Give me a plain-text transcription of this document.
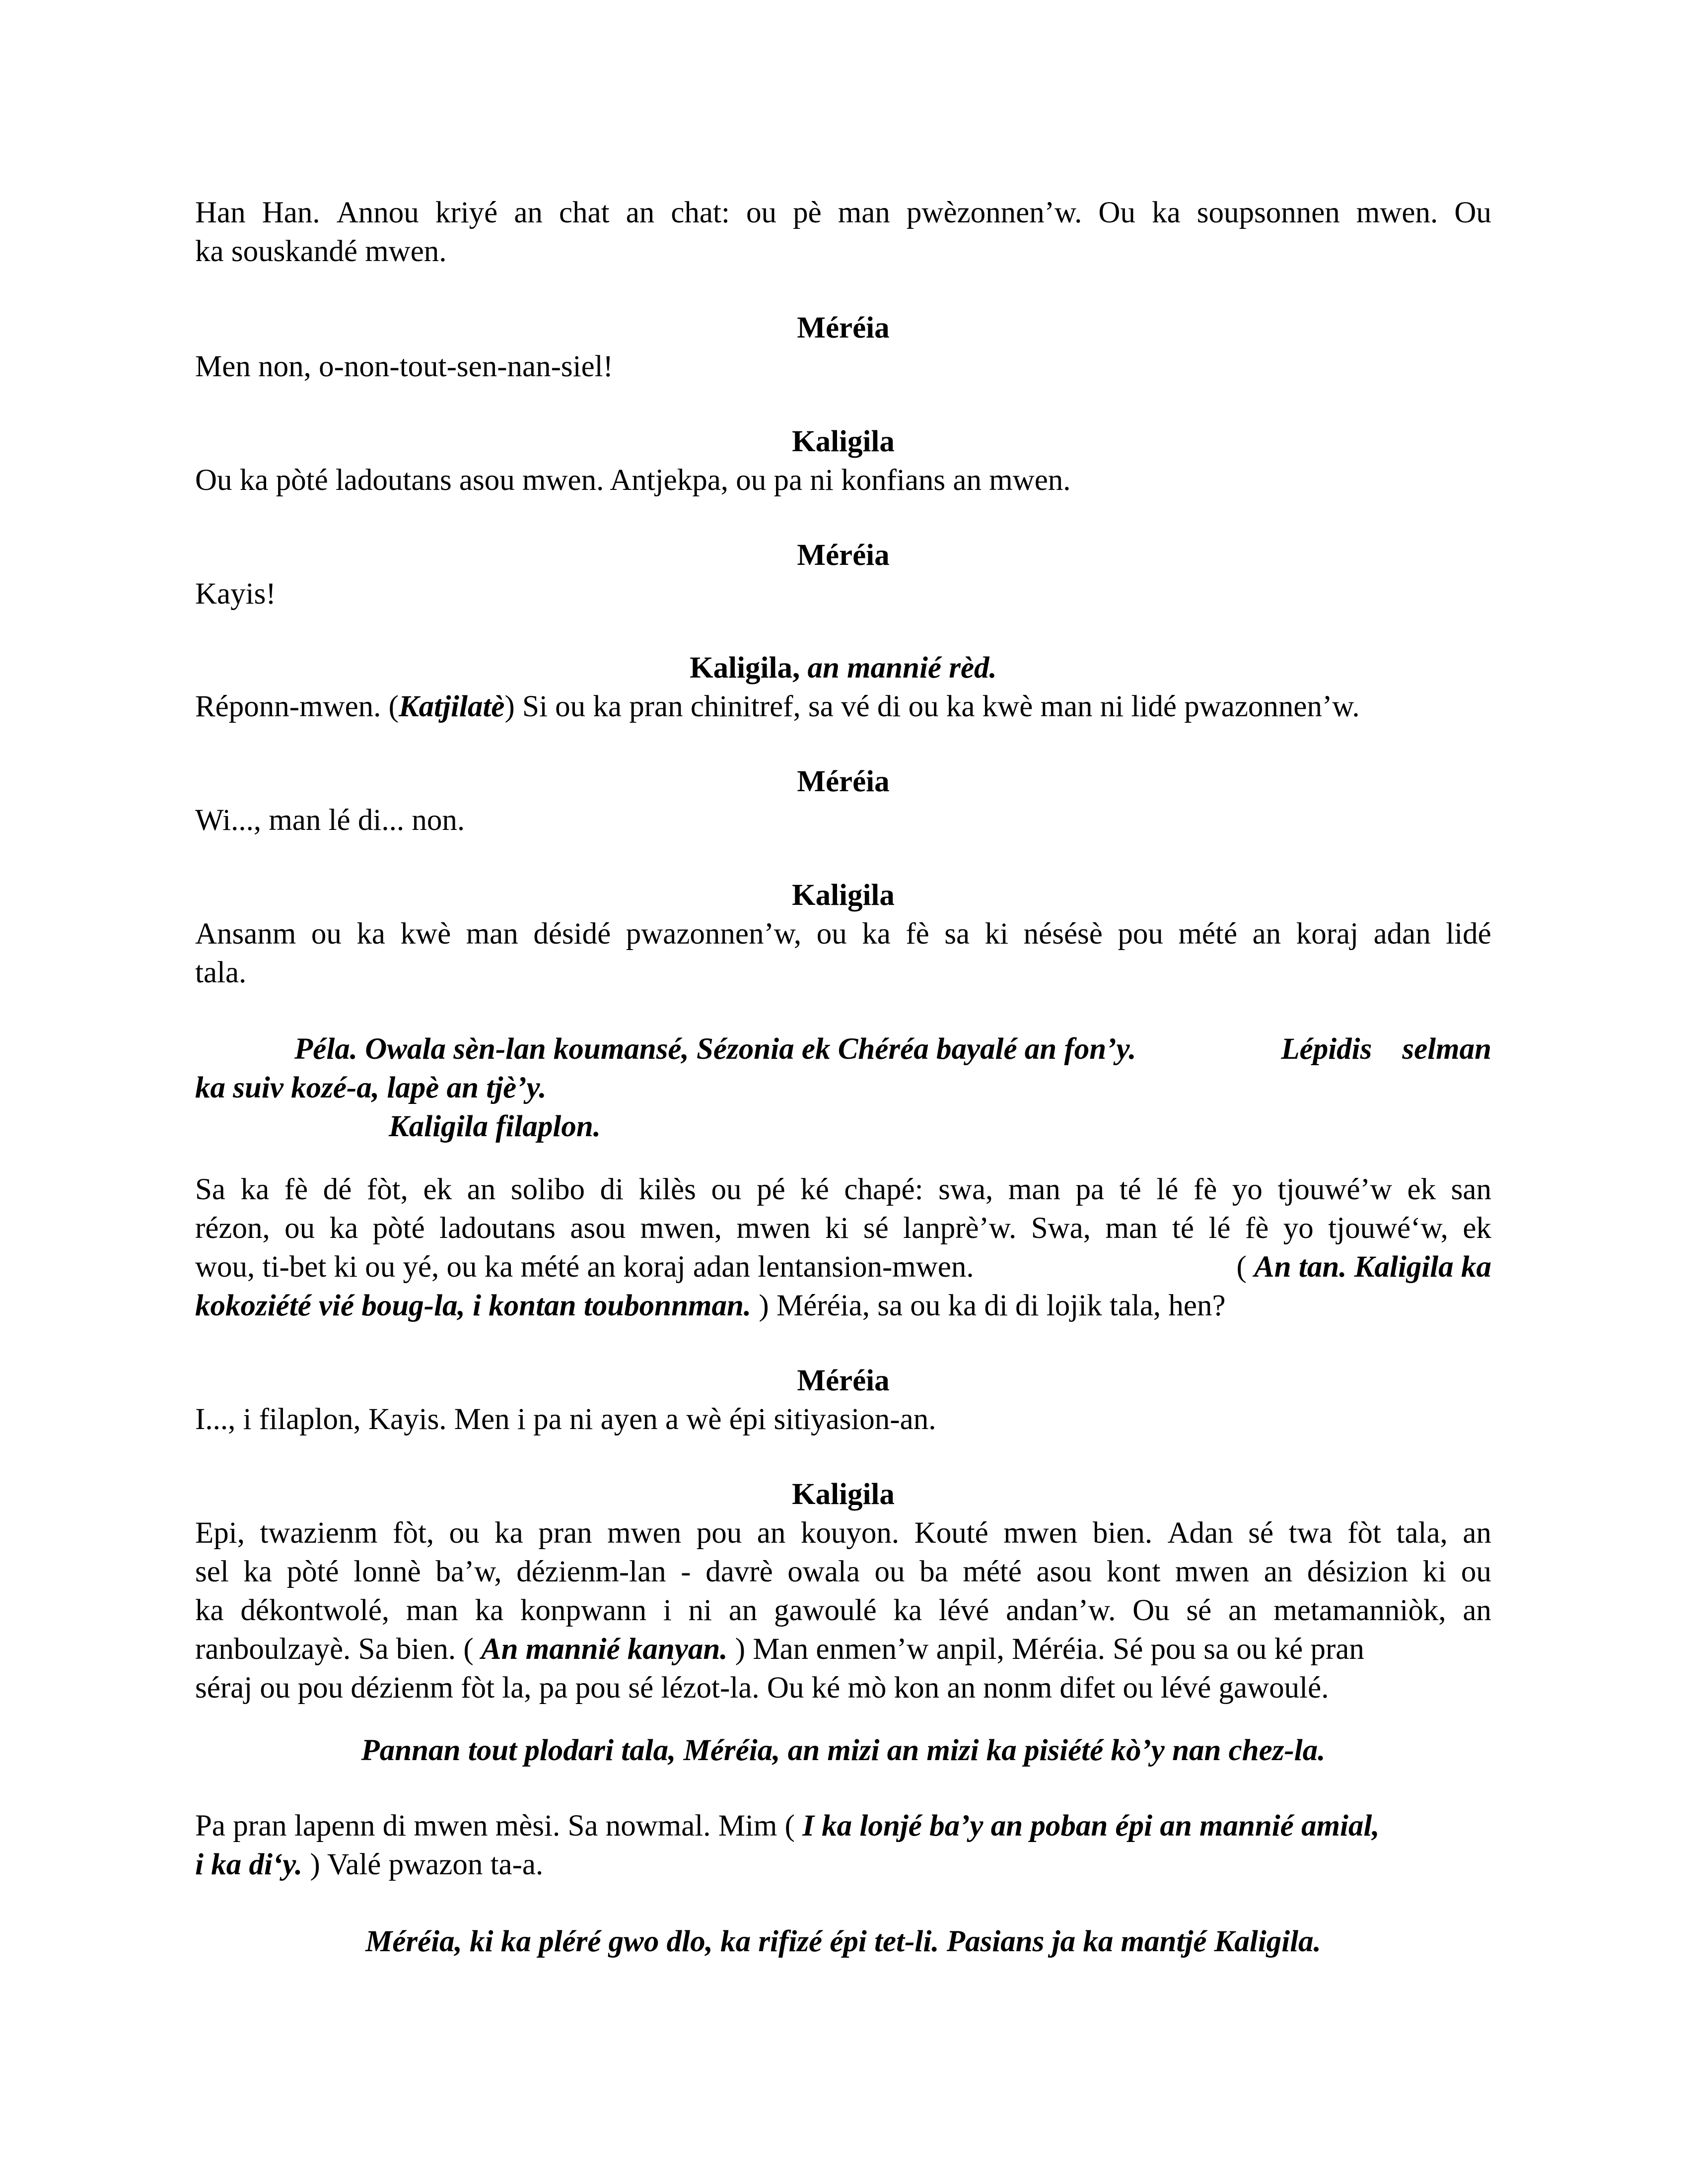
Han Han. Annou kriyé an chat an chat: ou pè man pwèzonnen’w. Ou ka soupsonnen mwen. Ou
ka souskandé mwen.
Méréia
Men non, o-non-tout-sen-nan-siel!
Kaligila
Ou ka pòté ladoutans asou mwen. Antjekpa, ou pa ni konfians an mwen.
Méréia
Kayis!
Kaligila, an mannié rèd.
Réponn-mwen. (Katjilatè) Si ou ka pran chinitref, sa vé di ou ka kwè man ni lidé pwazonnen’w.
Méréia
Wi..., man lé di... non.
Kaligila
Ansanm ou ka kwè man désidé pwazonnen’w, ou ka fè sa ki nésésè pou mété an koraj adan lidé
tala.
Péla. Owala sèn-lan koumansé, Sézonia ek Chéréa bayalé an fon’y.	Lépidis selman
ka suiv kozé-a, lapè an tjè’y.
Kaligila filaplon.
Sa ka fè dé fòt, ek an solibo di kilès ou pé ké chapé: swa, man pa té lé fè yo tjouwé’w ek san
rézon, ou ka pòté ladoutans asou mwen, mwen ki sé lanprè’w. Swa, man té lé fè yo tjouwé‘w, ek
wou, ti-bet ki ou yé, ou ka mété an koraj adan lentansion-mwen.	( An tan. Kaligila ka
kokoziété vié boug-la, i kontan toubonnman. ) Méréia, sa ou ka di di lojik tala, hen?
Méréia
I..., i filaplon, Kayis. Men i pa ni ayen a wè épi sitiyasion-an.
Kaligila
Epi, twazienm fòt, ou ka pran mwen pou an kouyon. Kouté mwen bien. Adan sé twa fòt tala, an
sel ka pòté lonnè ba’w, dézienm-lan - davrè owala ou ba mété asou kont mwen an désizion ki ou
ka dékontwolé, man ka konpwann i ni an gawoulé ka lévé andan’w. Ou sé an metamanniòk, an
ranboulzayè. Sa bien. ( An mannié kanyan. ) Man enmen’w anpil, Méréia. Sé pou sa ou ké pran
séraj ou pou dézienm fòt la, pa pou sé lézot-la. Ou ké mò kon an nonm difet ou lévé gawoulé.
Pannan tout plodari tala, Méréia, an mizi an mizi ka pisiété kò’y nan chez-la.
Pa pran lapenn di mwen mèsi. Sa nowmal. Mim ( I ka lonjé ba’y an poban épi an mannié amial,
i ka di‘y. ) Valé pwazon ta-a.
Méréia, ki ka pléré gwo dlo, ka rifizé épi tet-li. Pasians ja ka mantjé Kaligila.
